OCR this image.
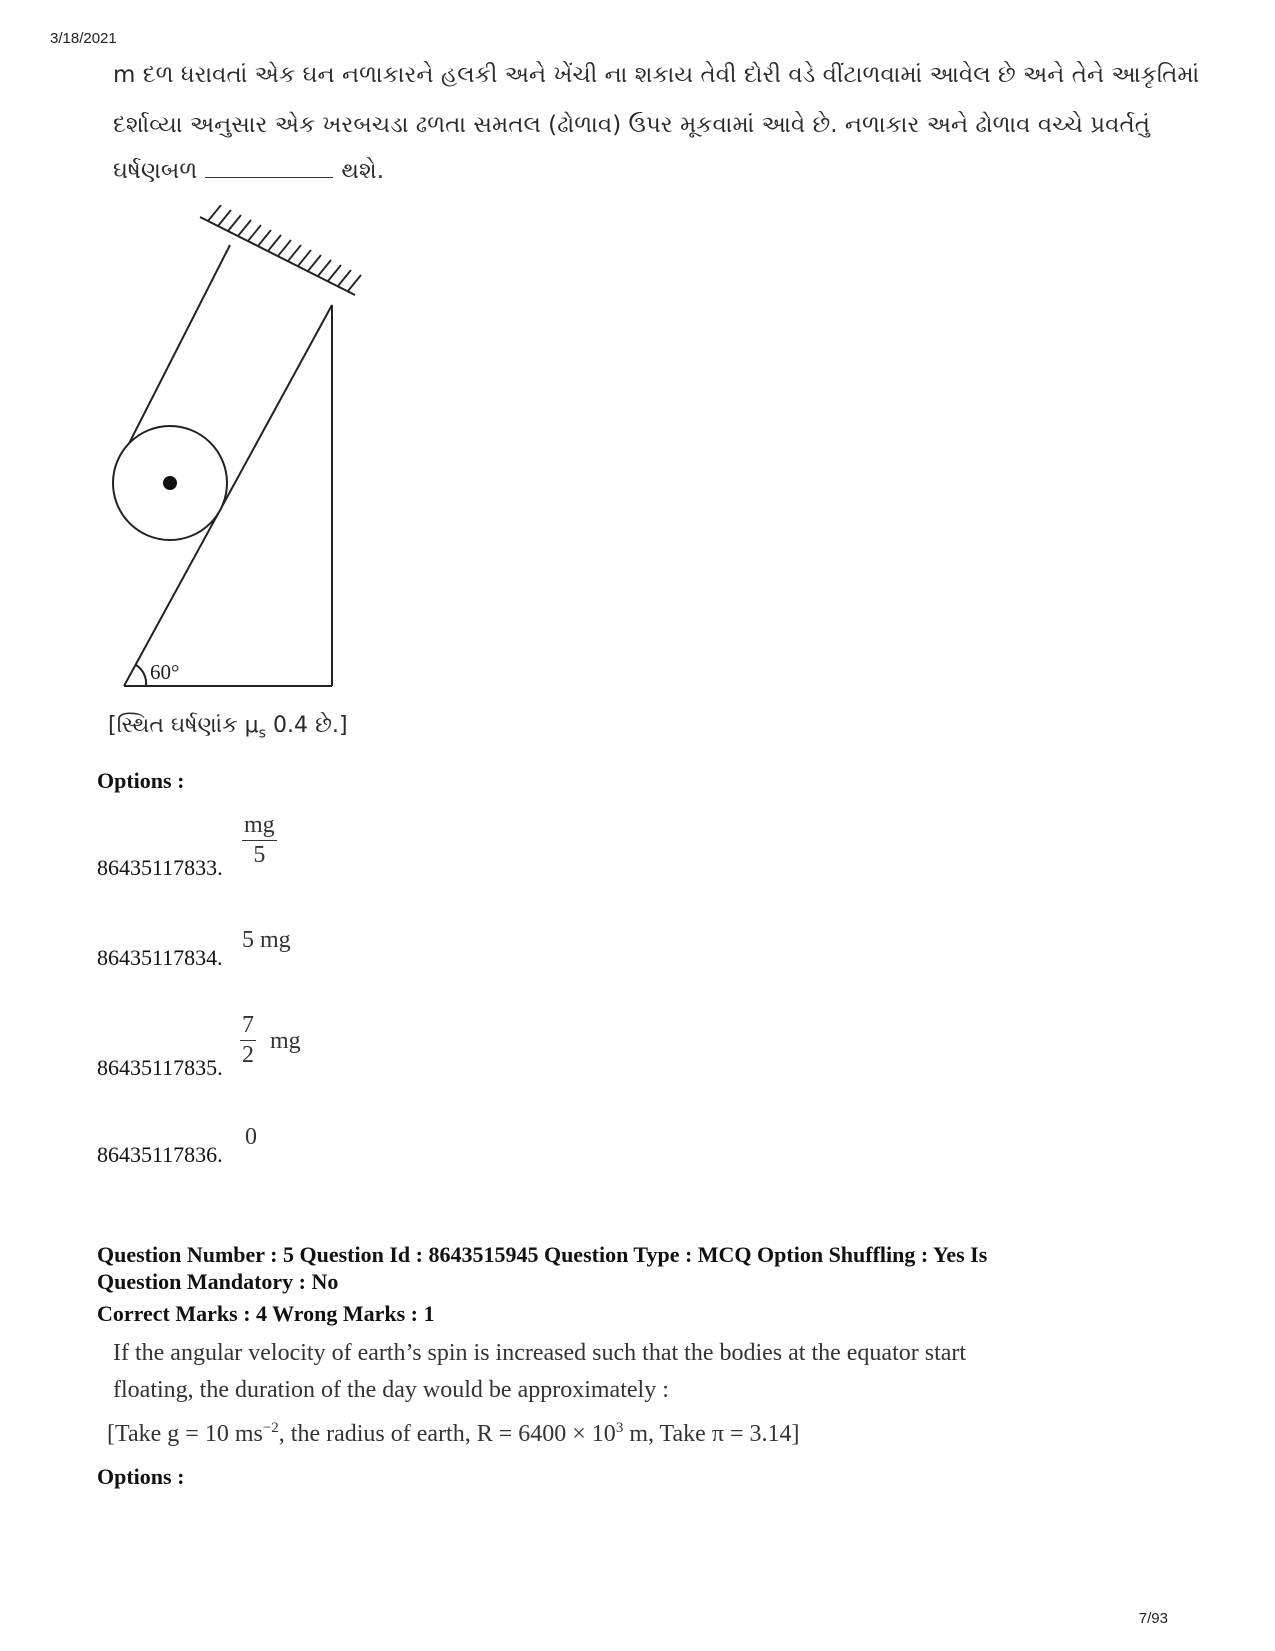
3/18/2021
m દળ ધરાવતાં એક ઘન નળાકારને હલકી અને ખેંચી ના શકાય તેવી દોરી વડે વીંટાળવામાં આવેલ છે અને તેને આકૃતિમાં
દર્શાવ્યા અનુસાર એક ખરબચડા ઢળતા સમતલ (ઢોળાવ) ઉપર મૂકવામાં આવે છે. નળાકાર અને ઢોળાવ વચ્ચે પ્રવર્તતું
ઘર્ષણબળ	થશે.
60°
[સ્થિત ઘર્ષણાંક $\mu_s$ 0.4 છે.]
Options :
86435117833. $\frac{mg}{5}$
86435117834.
5 mg
86435117835. $\frac{7}{2}$ mg
86435117836.
0
Question Number : 5 Question Id : 8643515945 Question Type : MCQ Option Shuffling : Yes Is
Question Mandatory : No
Correct Marks : 4 Wrong Marks : 1
If the angular velocity of earth’s spin is increased such that the bodies at the equator start
floating, the duration of the day would be approximately :
[Take g = 10 $ms^{-2}$, the radius of earth, $R = 6400 \times 10^3$ m, Take π = 3.14]
Options :
7/93
